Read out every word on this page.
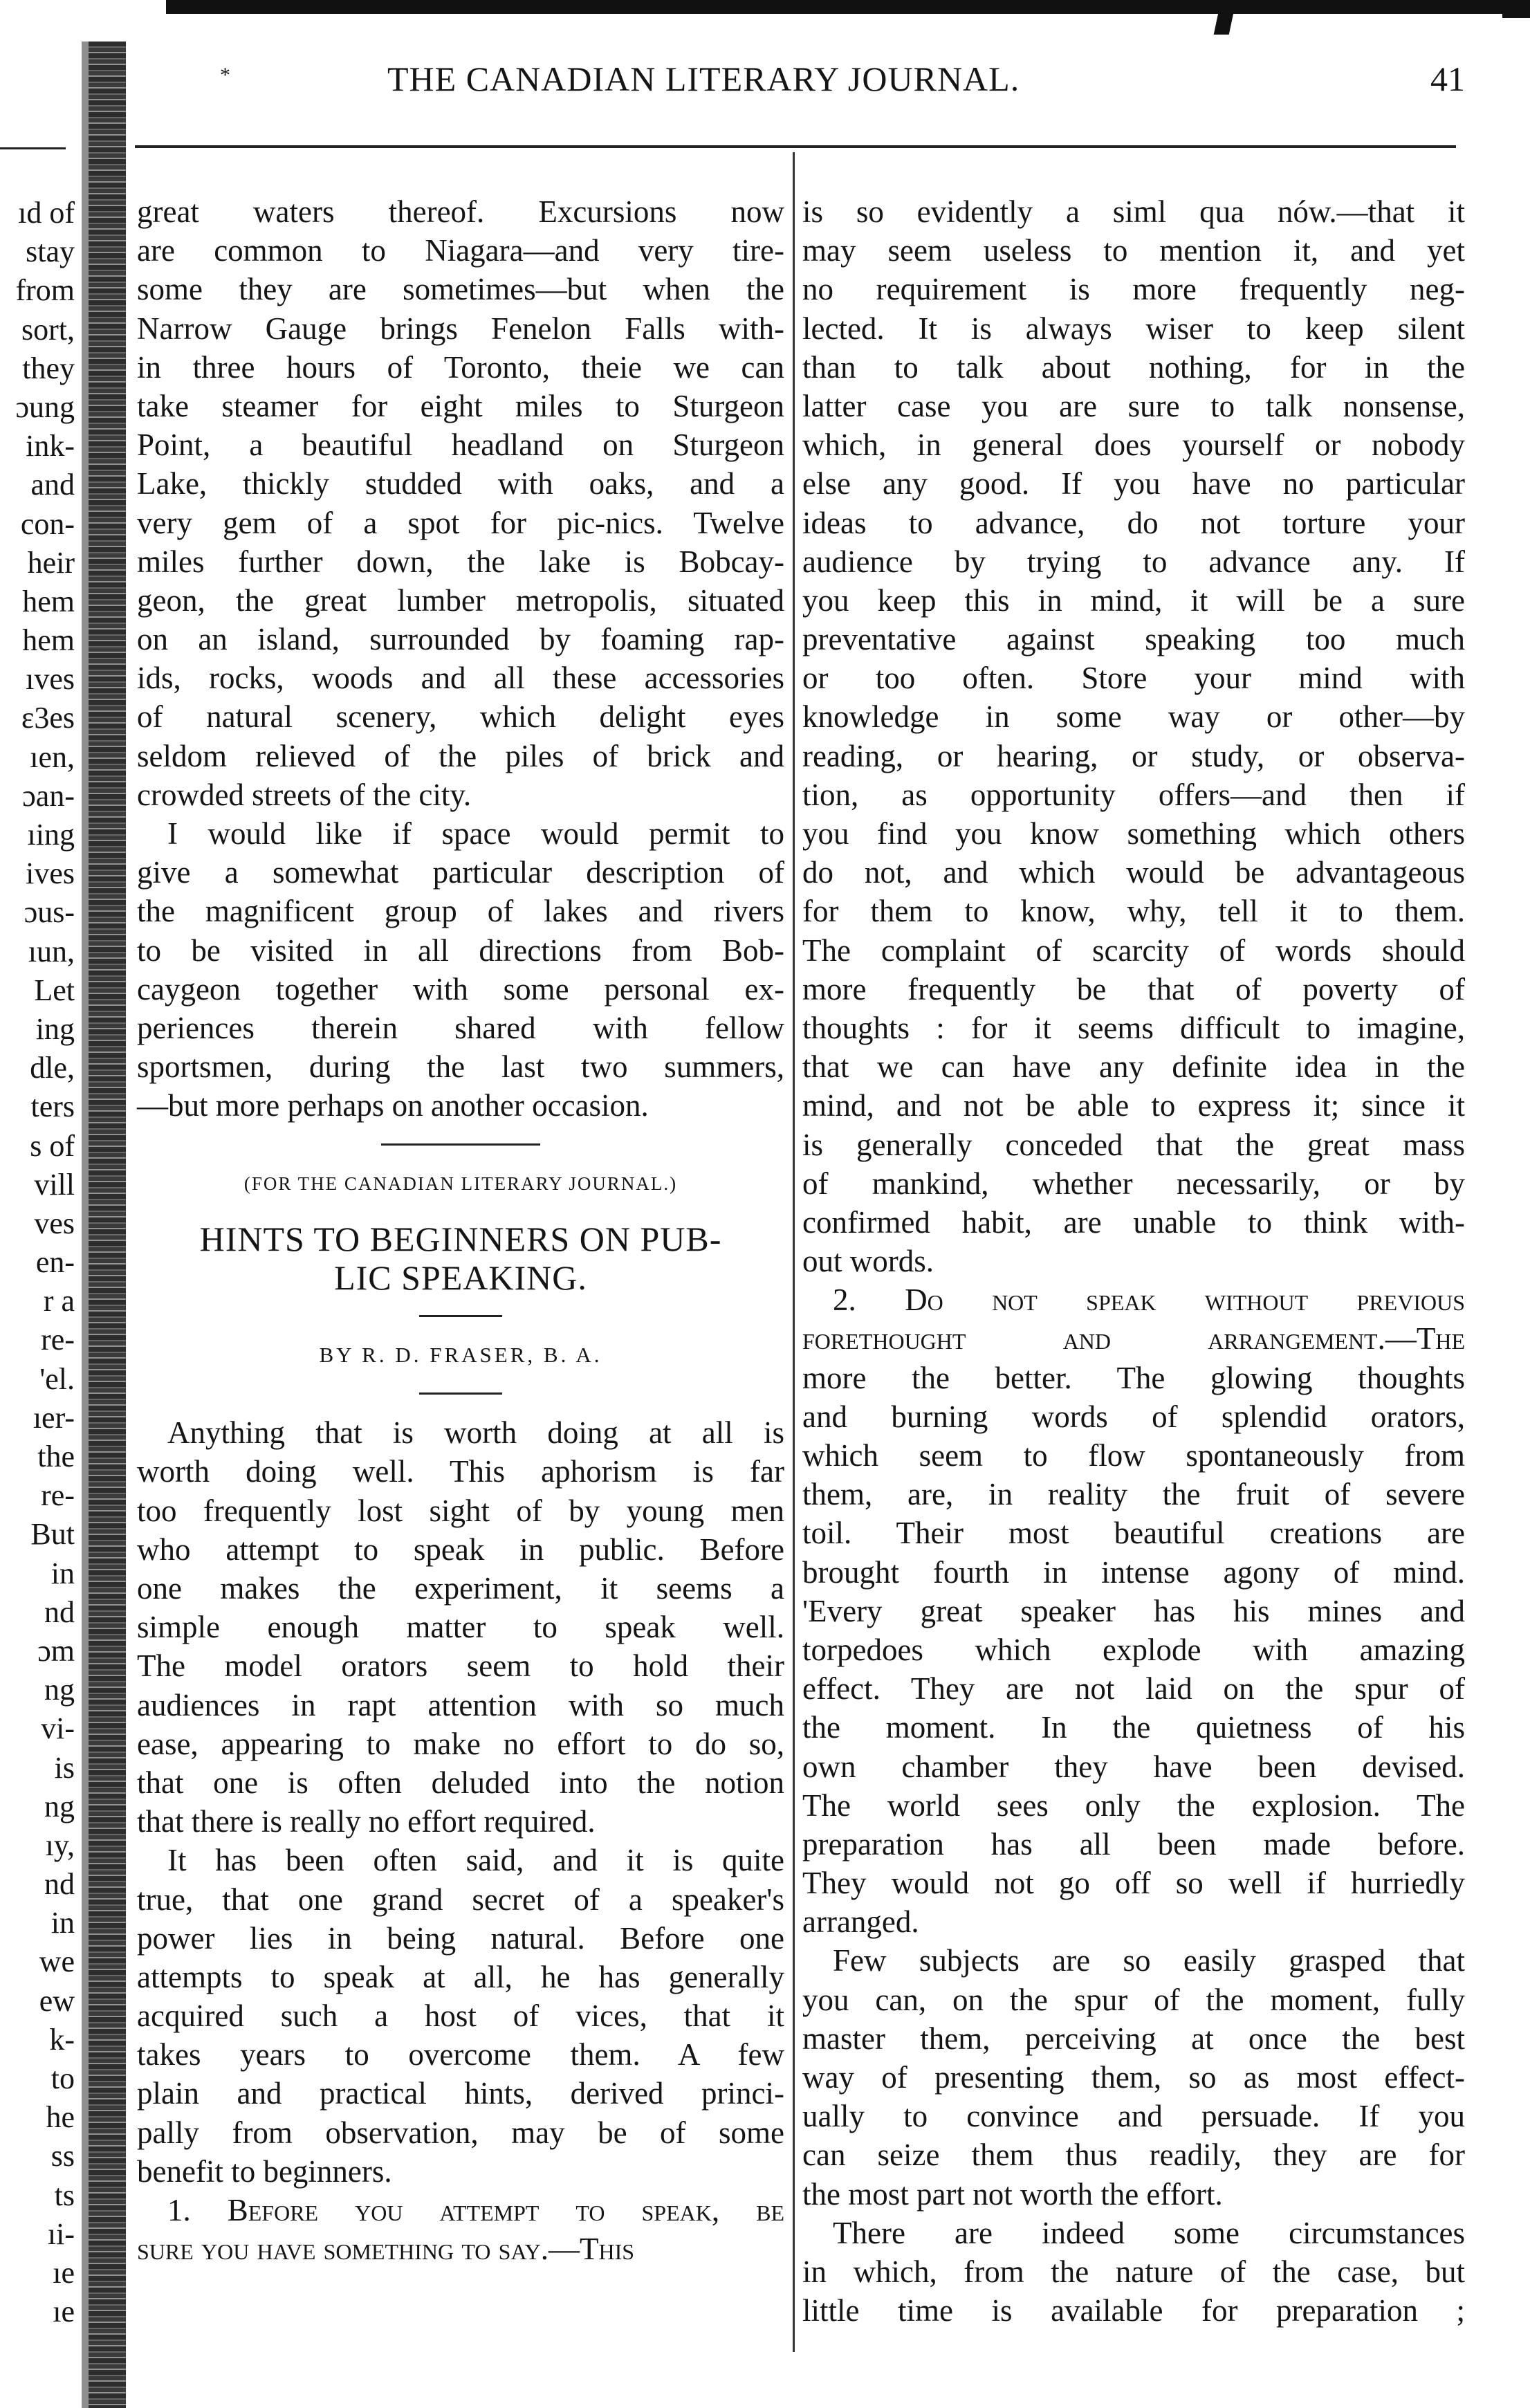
*	THE CANADIAN LITERARY JOURNAL.	41
ıd of
stay
from
sort,
they
ɔung
ink-
and
con-
heir
hem
hem
ıves
ɛ3es
ıen,
ɔan-
ıing
ives
ɔus-
ıun,
Let
ing
dle,
ters
s of
vill
ves
en-
r a
re-
'el.
ıer-
the
re-
But
in
nd
ɔm
ng
vi-
is
ng
ıy,
nd
in
we
ew
k-
to
he
ss
ts
ıi-
ıe
ıe
great waters thereof. Excursions now
are common to Niagara—and very tire-
some they are sometimes—but when the
Narrow Gauge brings Fenelon Falls with-
in three hours of Toronto, theie we can
take steamer for eight miles to Sturgeon
Point, a beautiful headland on Sturgeon
Lake, thickly studded with oaks, and a
very gem of a spot for pic-nics. Twelve
miles further down, the lake is Bobcay-
geon, the great lumber metropolis, situated
on an island, surrounded by foaming rap-
ids, rocks, woods and all these accessories
of natural scenery, which delight eyes
seldom relieved of the piles of brick and
crowded streets of the city.
I would like if space would permit to
give a somewhat particular description of
the magnificent group of lakes and rivers
to be visited in all directions from Bob-
caygeon together with some personal ex-
periences therein shared with fellow
sportsmen, during the last two summers,
—but more perhaps on another occasion.
(FOR THE CANADIAN LITERARY JOURNAL.)
HINTS TO BEGINNERS ON PUB-
LIC SPEAKING.
BY R. D. FRASER, B. A.
Anything that is worth doing at all is
worth doing well. This aphorism is far
too frequently lost sight of by young men
who attempt to speak in public. Before
one makes the experiment, it seems a
simple enough matter to speak well.
The model orators seem to hold their
audiences in rapt attention with so much
ease, appearing to make no effort to do so,
that one is often deluded into the notion
that there is really no effort required.
It has been often said, and it is quite
true, that one grand secret of a speaker's
power lies in being natural. Before one
attempts to speak at all, he has generally
acquired such a host of vices, that it
takes years to overcome them. A few
plain and practical hints, derived princi-
pally from observation, may be of some
benefit to beginners.
1. Before you attempt to speak, be
sure you have something to say.—This
is so evidently a siml qua nów.—that it
may seem useless to mention it, and yet
no requirement is more frequently neg-
lected. It is always wiser to keep silent
than to talk about nothing, for in the
latter case you are sure to talk nonsense,
which, in general does yourself or nobody
else any good. If you have no particular
ideas to advance, do not torture your
audience by trying to advance any. If
you keep this in mind, it will be a sure
preventative against speaking too much
or too often. Store your mind with
knowledge in some way or other—by
reading, or hearing, or study, or observa-
tion, as opportunity offers—and then if
you find you know something which others
do not, and which would be advantageous
for them to know, why, tell it to them.
The complaint of scarcity of words should
more frequently be that of poverty of
thoughts : for it seems difficult to imagine,
that we can have any definite idea in the
mind, and not be able to express it; since it
is generally conceded that the great mass
of mankind, whether necessarily, or by
confirmed habit, are unable to think with-
out words.
2. Do not speak without previous
forethought and arrangement.—The
more the better. The glowing thoughts
and burning words of splendid orators,
which seem to flow spontaneously from
them, are, in reality the fruit of severe
toil. Their most beautiful creations are
brought fourth in intense agony of mind.
'Every great speaker has his mines and
torpedoes which explode with amazing
effect. They are not laid on the spur of
the moment. In the quietness of his
own chamber they have been devised.
The world sees only the explosion. The
preparation has all been made before.
They would not go off so well if hurriedly
arranged.
Few subjects are so easily grasped that
you can, on the spur of the moment, fully
master them, perceiving at once the best
way of presenting them, so as most effect-
ually to convince and persuade. If you
can seize them thus readily, they are for
the most part not worth the effort.
There are indeed some circumstances
in which, from the nature of the case, but
little time is available for preparation ;
